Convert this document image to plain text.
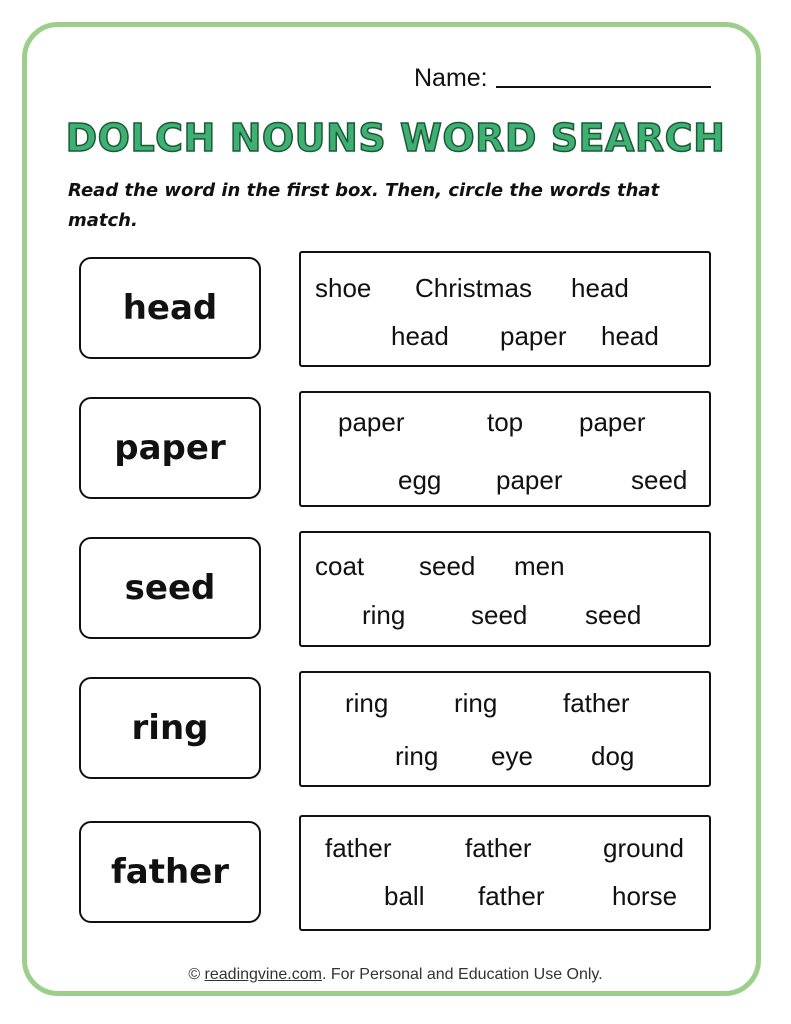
Name:
DOLCH NOUNS WORD SEARCH

Read the word in the first box. Then, circle the words that match.

head	shoe Christmas head
head paper head
paper
paper	top paper
egg paper	seed
seed
coat seed men
ring	seed seed
ring
ring	ring	father
ring eye dog
father
father	father	ground
ball father	horse
© readingvine.com. For Personal and Education Use Only.
